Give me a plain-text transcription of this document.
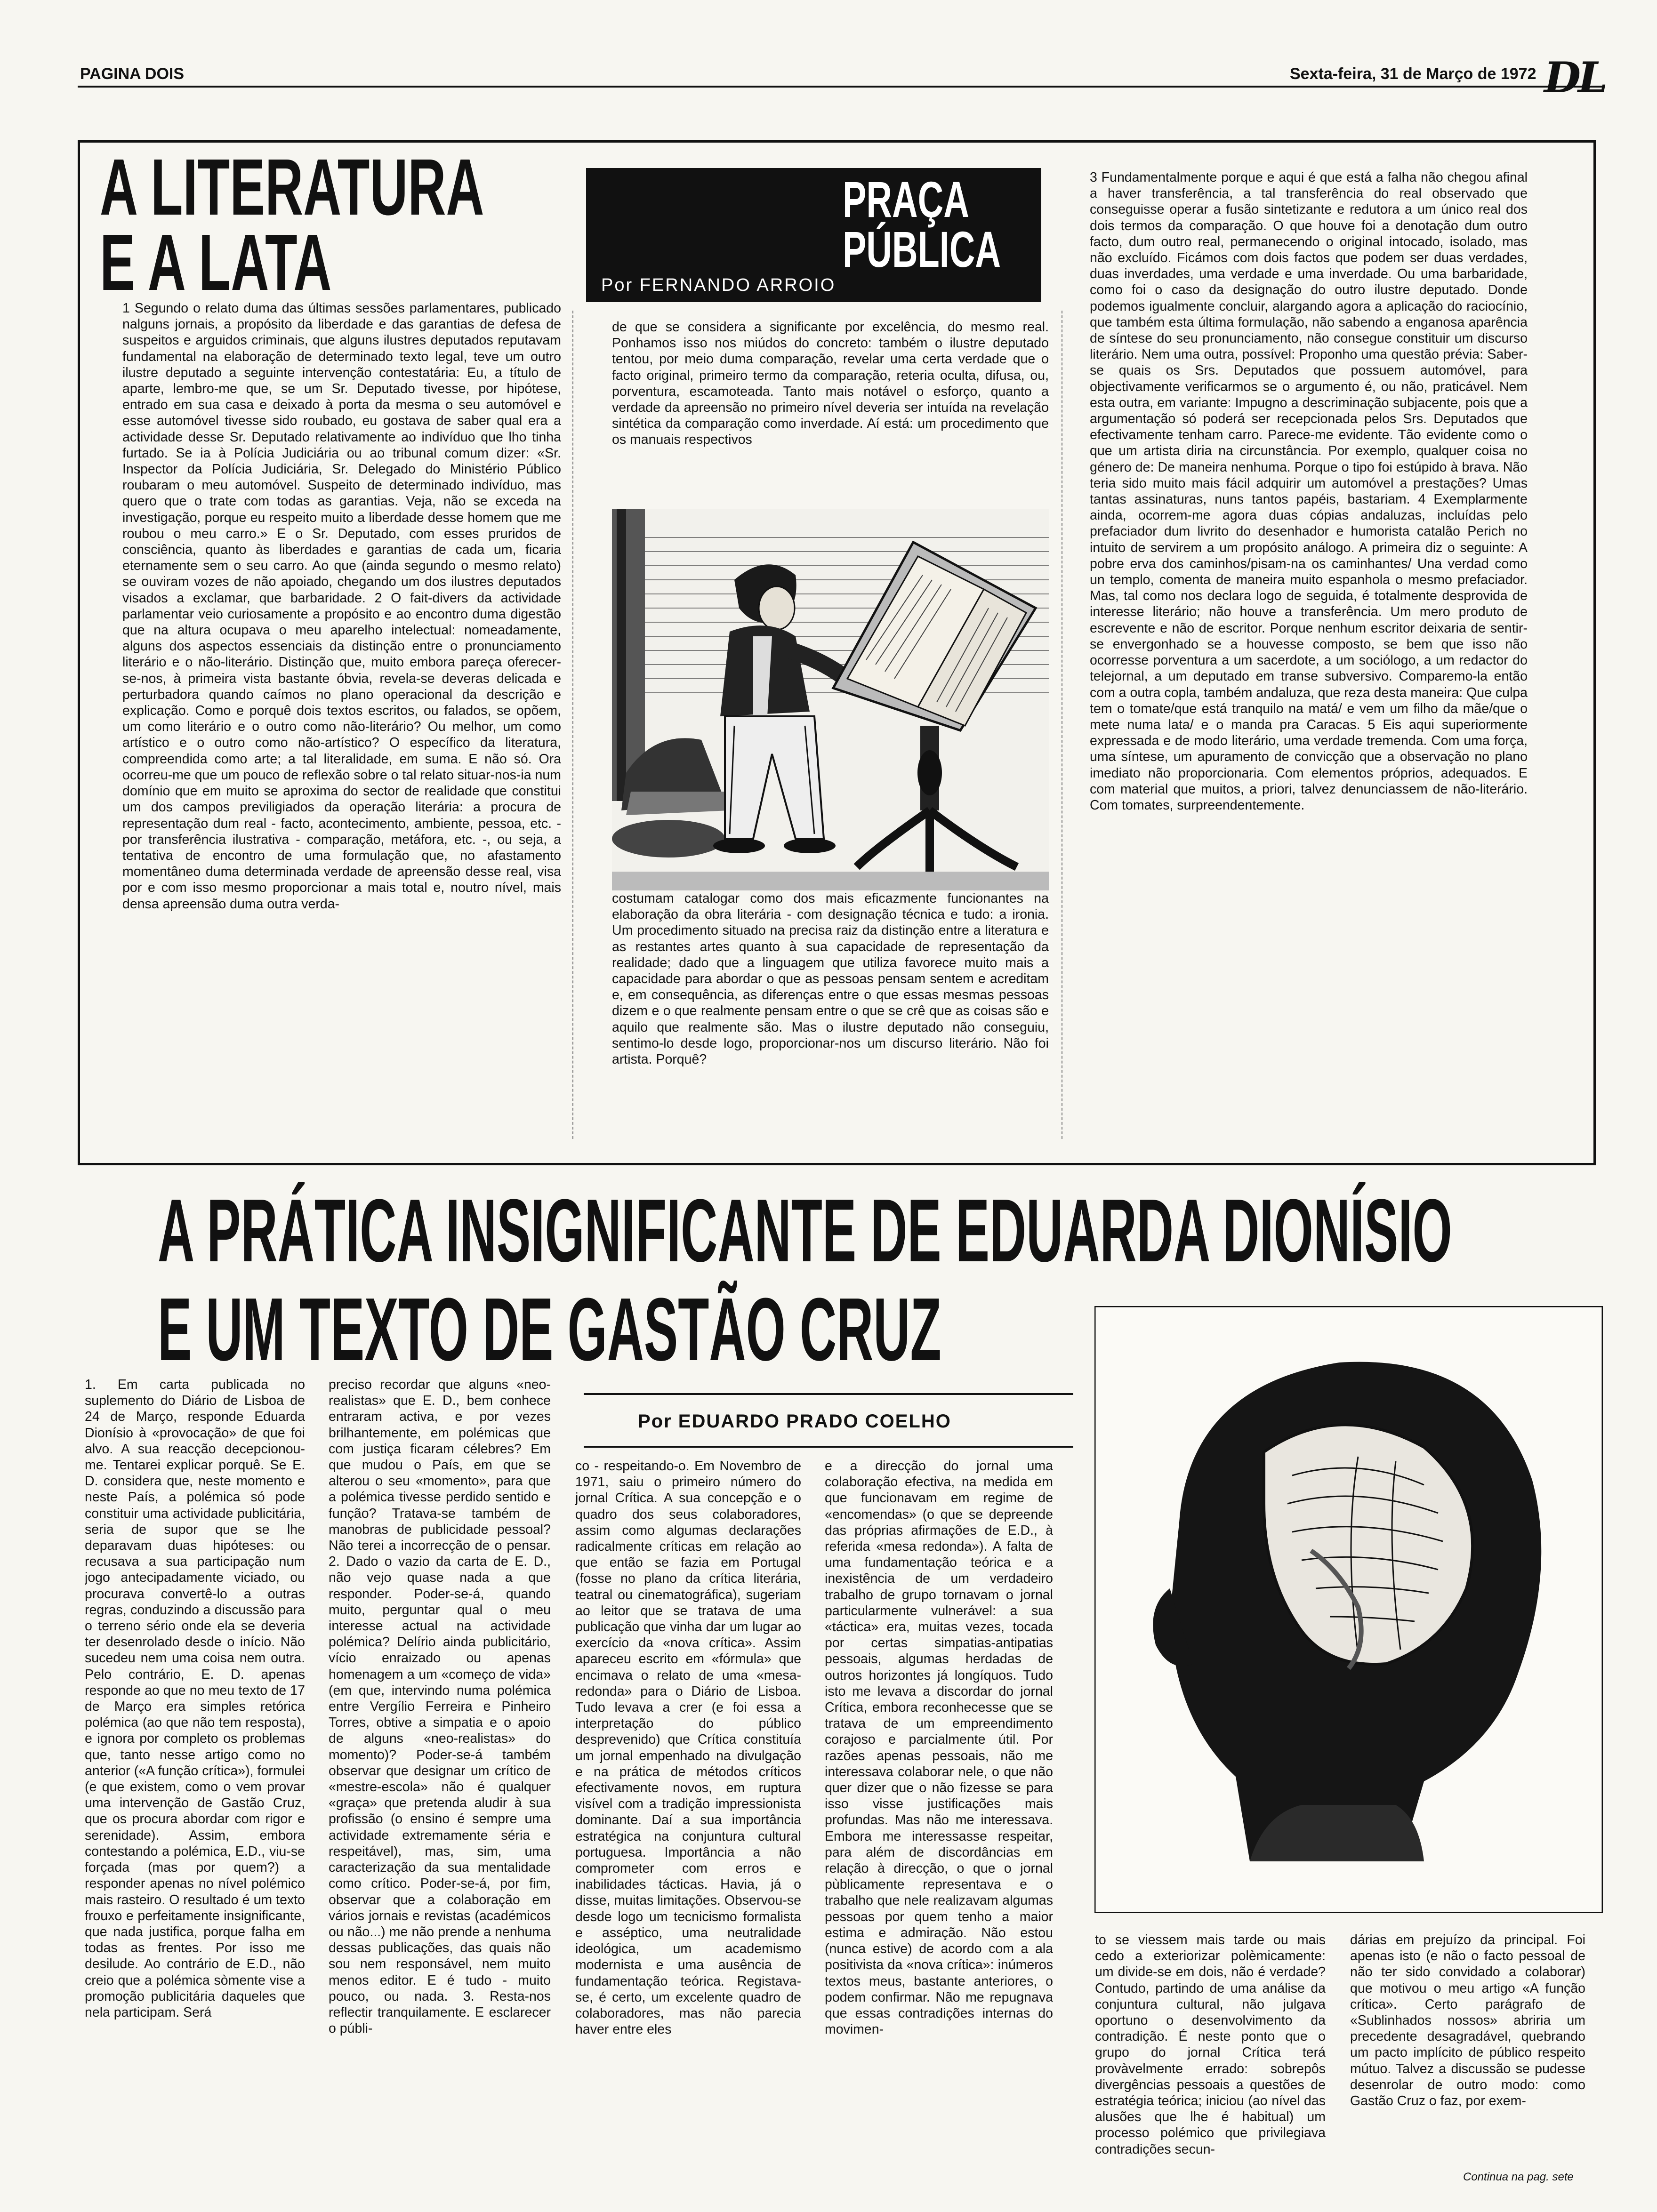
PAGINA DOIS	Sexta-feira, 31 de Março de 1972 DL
A LITERATURA
E A LATA
PRAÇA
PÚBLICA
Por FERNANDO ARROIO
1 Segundo o relato duma das últimas sessões parlamentares, publicado nalguns jornais, a propósito da liberdade e das garantias de defesa de suspeitos e arguidos criminais, que alguns ilustres deputados reputavam fundamental na elaboração de determinado texto legal, teve um outro ilustre deputado a seguinte intervenção contestatária: Eu, a título de aparte, lembro-me que, se um Sr. Deputado tivesse, por hipótese, entrado em sua casa e deixado à porta da mesma o seu automóvel e esse automóvel tivesse sido roubado, eu gostava de saber qual era a actividade desse Sr. Deputado relativamente ao indivíduo que lho tinha furtado. Se ia à Polícia Judiciária ou ao tribunal comum dizer: «Sr. Inspector da Polícia Judiciária, Sr. Delegado do Ministério Público roubaram o meu automóvel. Suspeito de determinado indivíduo, mas quero que o trate com todas as garantias. Veja, não se exceda na investigação, porque eu respeito muito a liberdade desse homem que me roubou o meu carro.» E o Sr. Deputado, com esses pruridos de consciência, quanto às liberdades e garantias de cada um, ficaria eternamente sem o seu carro. Ao que (ainda segundo o mesmo relato) se ouviram vozes de não apoiado, chegando um dos ilustres deputados visados a exclamar, que barbaridade. 2 O fait-divers da actividade parlamentar veio curiosamente a propósito e ao encontro duma digestão que na altura ocupava o meu aparelho intelectual: nomeadamente, alguns dos aspectos essenciais da distinção entre o pronunciamento literário e o não-literário. Distinção que, muito embora pareça oferecer-se-nos, à primeira vista bastante óbvia, revela-se deveras delicada e perturbadora quando caímos no plano operacional da descrição e explicação. Como e porquê dois textos escritos, ou falados, se opõem, um como literário e o outro como não-literário? Ou melhor, um como artístico e o outro como não-artístico? O específico da literatura, compreendida como arte; a tal literalidade, em suma. E não só. Ora ocorreu-me que um pouco de reflexão sobre o tal relato situar-nos-ia num domínio que em muito se aproxima do sector de realidade que constitui um dos campos previligiados da operação literária: a procura de representação dum real - facto, acontecimento, ambiente, pessoa, etc. - por transferência ilustrativa - comparação, metáfora, etc. -, ou seja, a tentativa de encontro de uma formulação que, no afastamento momentâneo duma determinada verdade de apreensão desse real, visa por e com isso mesmo proporcionar a mais total e, noutro nível, mais densa apreensão duma outra verda-
de que se considera a significante por excelência, do mesmo real. Ponhamos isso nos miúdos do concreto: também o ilustre deputado tentou, por meio duma comparação, revelar uma certa verdade que o facto original, primeiro termo da comparação, reteria oculta, difusa, ou, porventura, escamoteada. Tanto mais notável o esforço, quanto a verdade da apreensão no primeiro nível deveria ser intuída na revelação sintética da comparação como inverdade. Aí está: um procedimento que os manuais respectivos
costumam catalogar como dos mais eficazmente funcionantes na elaboração da obra literária - com designação técnica e tudo: a ironia. Um procedimento situado na precisa raiz da distinção entre a literatura e as restantes artes quanto à sua capacidade de representação da realidade; dado que a linguagem que utiliza favorece muito mais a capacidade para abordar o que as pessoas pensam sentem e acreditam e, em consequência, as diferenças entre o que essas mesmas pessoas dizem e o que realmente pensam entre o que se crê que as coisas são e aquilo que realmente são. Mas o ilustre deputado não conseguiu, sentimo-lo desde logo, proporcionar-nos um discurso literário. Não foi artista. Porquê?
3 Fundamentalmente porque e aqui é que está a falha não chegou afinal a haver transferência, a tal transferência do real observado que conseguisse operar a fusão sintetizante e redutora a um único real dos dois termos da comparação. O que houve foi a denotação dum outro facto, dum outro real, permanecendo o original intocado, isolado, mas não excluído. Ficámos com dois factos que podem ser duas verdades, duas inverdades, uma verdade e uma inverdade. Ou uma barbaridade, como foi o caso da designação do outro ilustre deputado. Donde podemos igualmente concluir, alargando agora a aplicação do raciocínio, que também esta última formulação, não sabendo a enganosa aparência de síntese do seu pronunciamento, não consegue constituir um discurso literário. Nem uma outra, possível: Proponho uma questão prévia: Saber-se quais os Srs. Deputados que possuem automóvel, para objectivamente verificarmos se o argumento é, ou não, praticável. Nem esta outra, em variante: Impugno a descriminação subjacente, pois que a argumentação só poderá ser recepcionada pelos Srs. Deputados que efectivamente tenham carro. Parece-me evidente. Tão evidente como o que um artista diria na circunstância. Por exemplo, qualquer coisa no género de: De maneira nenhuma. Porque o tipo foi estúpido à brava. Não teria sido muito mais fácil adquirir um automóvel a prestações? Umas tantas assinaturas, nuns tantos papéis, bastariam. 4 Exemplarmente ainda, ocorrem-me agora duas cópias andaluzas, incluídas pelo prefaciador dum livrito do desenhador e humorista catalão Perich no intuito de servirem a um propósito análogo. A primeira diz o seguinte: A pobre erva dos caminhos/pisam-na os caminhantes/ Una verdad como un templo, comenta de maneira muito espanhola o mesmo prefaciador. Mas, tal como nos declara logo de seguida, é totalmente desprovida de interesse literário; não houve a transferência. Um mero produto de escrevente e não de escritor. Porque nenhum escritor deixaria de sentir-se envergonhado se a houvesse composto, se bem que isso não ocorresse porventura a um sacerdote, a um sociólogo, a um redactor do telejornal, a um deputado em transe subversivo. Comparemo-la então com a outra copla, também andaluza, que reza desta maneira: Que culpa tem o tomate/que está tranquilo na matá/ e vem um filho da mãe/que o mete numa lata/ e o manda pra Caracas. 5 Eis aqui superiormente expressada e de modo literário, uma verdade tremenda. Com uma força, uma síntese, um apuramento de convicção que a observação no plano imediato não proporcionaria. Com elementos próprios, adequados. E com material que muitos, a priori, talvez denunciassem de não-literário. Com tomates, surpreendentemente.
A PRÁTICA INSIGNIFICANTE DE EDUARDA DIONÍSIO
E UM TEXTO DE GASTÃO CRUZ
Por EDUARDO PRADO COELHO
1. Em carta publicada no suplemento do Diário de Lisboa de 24 de Março, responde Eduarda Dionísio à «provocação» de que foi alvo. A sua reacção decepcionou-me. Tentarei explicar porquê. Se E. D. considera que, neste momento e neste País, a polémica só pode constituir uma actividade publicitária, seria de supor que se lhe deparavam duas hipóteses: ou recusava a sua participação num jogo antecipadamente viciado, ou procurava convertê-lo a outras regras, conduzindo a discussão para o terreno sério onde ela se deveria ter desenrolado desde o início. Não sucedeu nem uma coisa nem outra. Pelo contrário, E. D. apenas responde ao que no meu texto de 17 de Março era simples retórica polémica (ao que não tem resposta), e ignora por completo os problemas que, tanto nesse artigo como no anterior («A função crítica»), formulei (e que existem, como o vem provar uma intervenção de Gastão Cruz, que os procura abordar com rigor e serenidade). Assim, embora contestando a polémica, E.D., viu-se forçada (mas por quem?) a responder apenas no nível polémico mais rasteiro. O resultado é um texto frouxo e perfeitamente insignificante, que nada justifica, porque falha em todas as frentes. Por isso me desilude. Ao contrário de E.D., não creio que a polémica sòmente vise a promoção publicitária daqueles que nela participam. Será
preciso recordar que alguns «neo-realistas» que E. D., bem conhece entraram activa, e por vezes brilhantemente, em polémicas que com justiça ficaram célebres? Em que mudou o País, em que se alterou o seu «momento», para que a polémica tivesse perdido sentido e função? Tratava-se também de manobras de publicidade pessoal? Não terei a incorrecção de o pensar. 2. Dado o vazio da carta de E. D., não vejo quase nada a que responder. Poder-se-á, quando muito, perguntar qual o meu interesse actual na actividade polémica? Delírio ainda publicitário, vício enraizado ou apenas homenagem a um «começo de vida» (em que, intervindo numa polémica entre Vergílio Ferreira e Pinheiro Torres, obtive a simpatia e o apoio de alguns «neo-realistas» do momento)? Poder-se-á também observar que designar um crítico de «mestre-escola» não é qualquer «graça» que pretenda aludir à sua profissão (o ensino é sempre uma actividade extremamente séria e respeitável), mas, sim, uma caracterização da sua mentalidade como crítico. Poder-se-á, por fim, observar que a colaboração em vários jornais e revistas (académicos ou não...) me não prende a nenhuma dessas publicações, das quais não sou nem responsável, nem muito menos editor. E é tudo - muito pouco, ou nada. 3. Resta-nos reflectir tranquilamente. E esclarecer o públi-
co - respeitando-o. Em Novembro de 1971, saiu o primeiro número do jornal Crítica. A sua concepção e o quadro dos seus colaboradores, assim como algumas declarações radicalmente críticas em relação ao que então se fazia em Portugal (fosse no plano da crítica literária, teatral ou cinematográfica), sugeriam ao leitor que se tratava de uma publicação que vinha dar um lugar ao exercício da «nova crítica». Assim apareceu escrito em «fórmula» que encimava o relato de uma «mesa-redonda» para o Diário de Lisboa. Tudo levava a crer (e foi essa a interpretação do público desprevenido) que Crítica constituía um jornal empenhado na divulgação e na prática de métodos críticos efectivamente novos, em ruptura visível com a tradição impressionista dominante. Daí a sua importância estratégica na conjuntura cultural portuguesa. Importância a não comprometer com erros e inabilidades tácticas. Havia, já o disse, muitas limitações. Observou-se desde logo um tecnicismo formalista e asséptico, uma neutralidade ideológica, um academismo modernista e uma ausência de fundamentação teórica. Registava-se, é certo, um excelente quadro de colaboradores, mas não parecia haver entre eles
e a direcção do jornal uma colaboração efectiva, na medida em que funcionavam em regime de «encomendas» (o que se depreende das próprias afirmações de E.D., à referida «mesa redonda»). A falta de uma fundamentação teórica e a inexistência de um verdadeiro trabalho de grupo tornavam o jornal particularmente vulnerável: a sua «táctica» era, muitas vezes, tocada por certas simpatias-antipatias pessoais, algumas herdadas de outros horizontes já longíquos. Tudo isto me levava a discordar do jornal Crítica, embora reconhecesse que se tratava de um empreendimento corajoso e parcialmente útil. Por razões apenas pessoais, não me interessava colaborar nele, o que não quer dizer que o não fizesse se para isso visse justificações mais profundas. Mas não me interessava. Embora me interessasse respeitar, para além de discordâncias em relação à direcção, o que o jornal pùblicamente representava e o trabalho que nele realizavam algumas pessoas por quem tenho a maior estima e admiração. Não estou (nunca estive) de acordo com a ala positivista da «nova crítica»: inúmeros textos meus, bastante anteriores, o podem confirmar. Não me repugnava que essas contradições internas do movimen-
to se viessem mais tarde ou mais cedo a exteriorizar polèmicamente: um divide-se em dois, não é verdade? Contudo, partindo de uma análise da conjuntura cultural, não julgava oportuno o desenvolvimento da contradição. É neste ponto que o grupo do jornal Crítica terá provàvelmente errado: sobrepôs divergências pessoais a questões de estratégia teórica; iniciou (ao nível das alusões que lhe é habitual) um processo polémico que privilegiava contradições secun-
dárias em prejuízo da principal. Foi apenas isto (e não o facto pessoal de não ter sido convidado a colaborar) que motivou o meu artigo «A função crítica». Certo parágrafo de «Sublinhados nossos» abriria um precedente desagradável, quebrando um pacto implícito de público respeito mútuo. Talvez a discussão se pudesse desenrolar de outro modo: como Gastão Cruz o faz, por exem-
Continua na pag. sete
